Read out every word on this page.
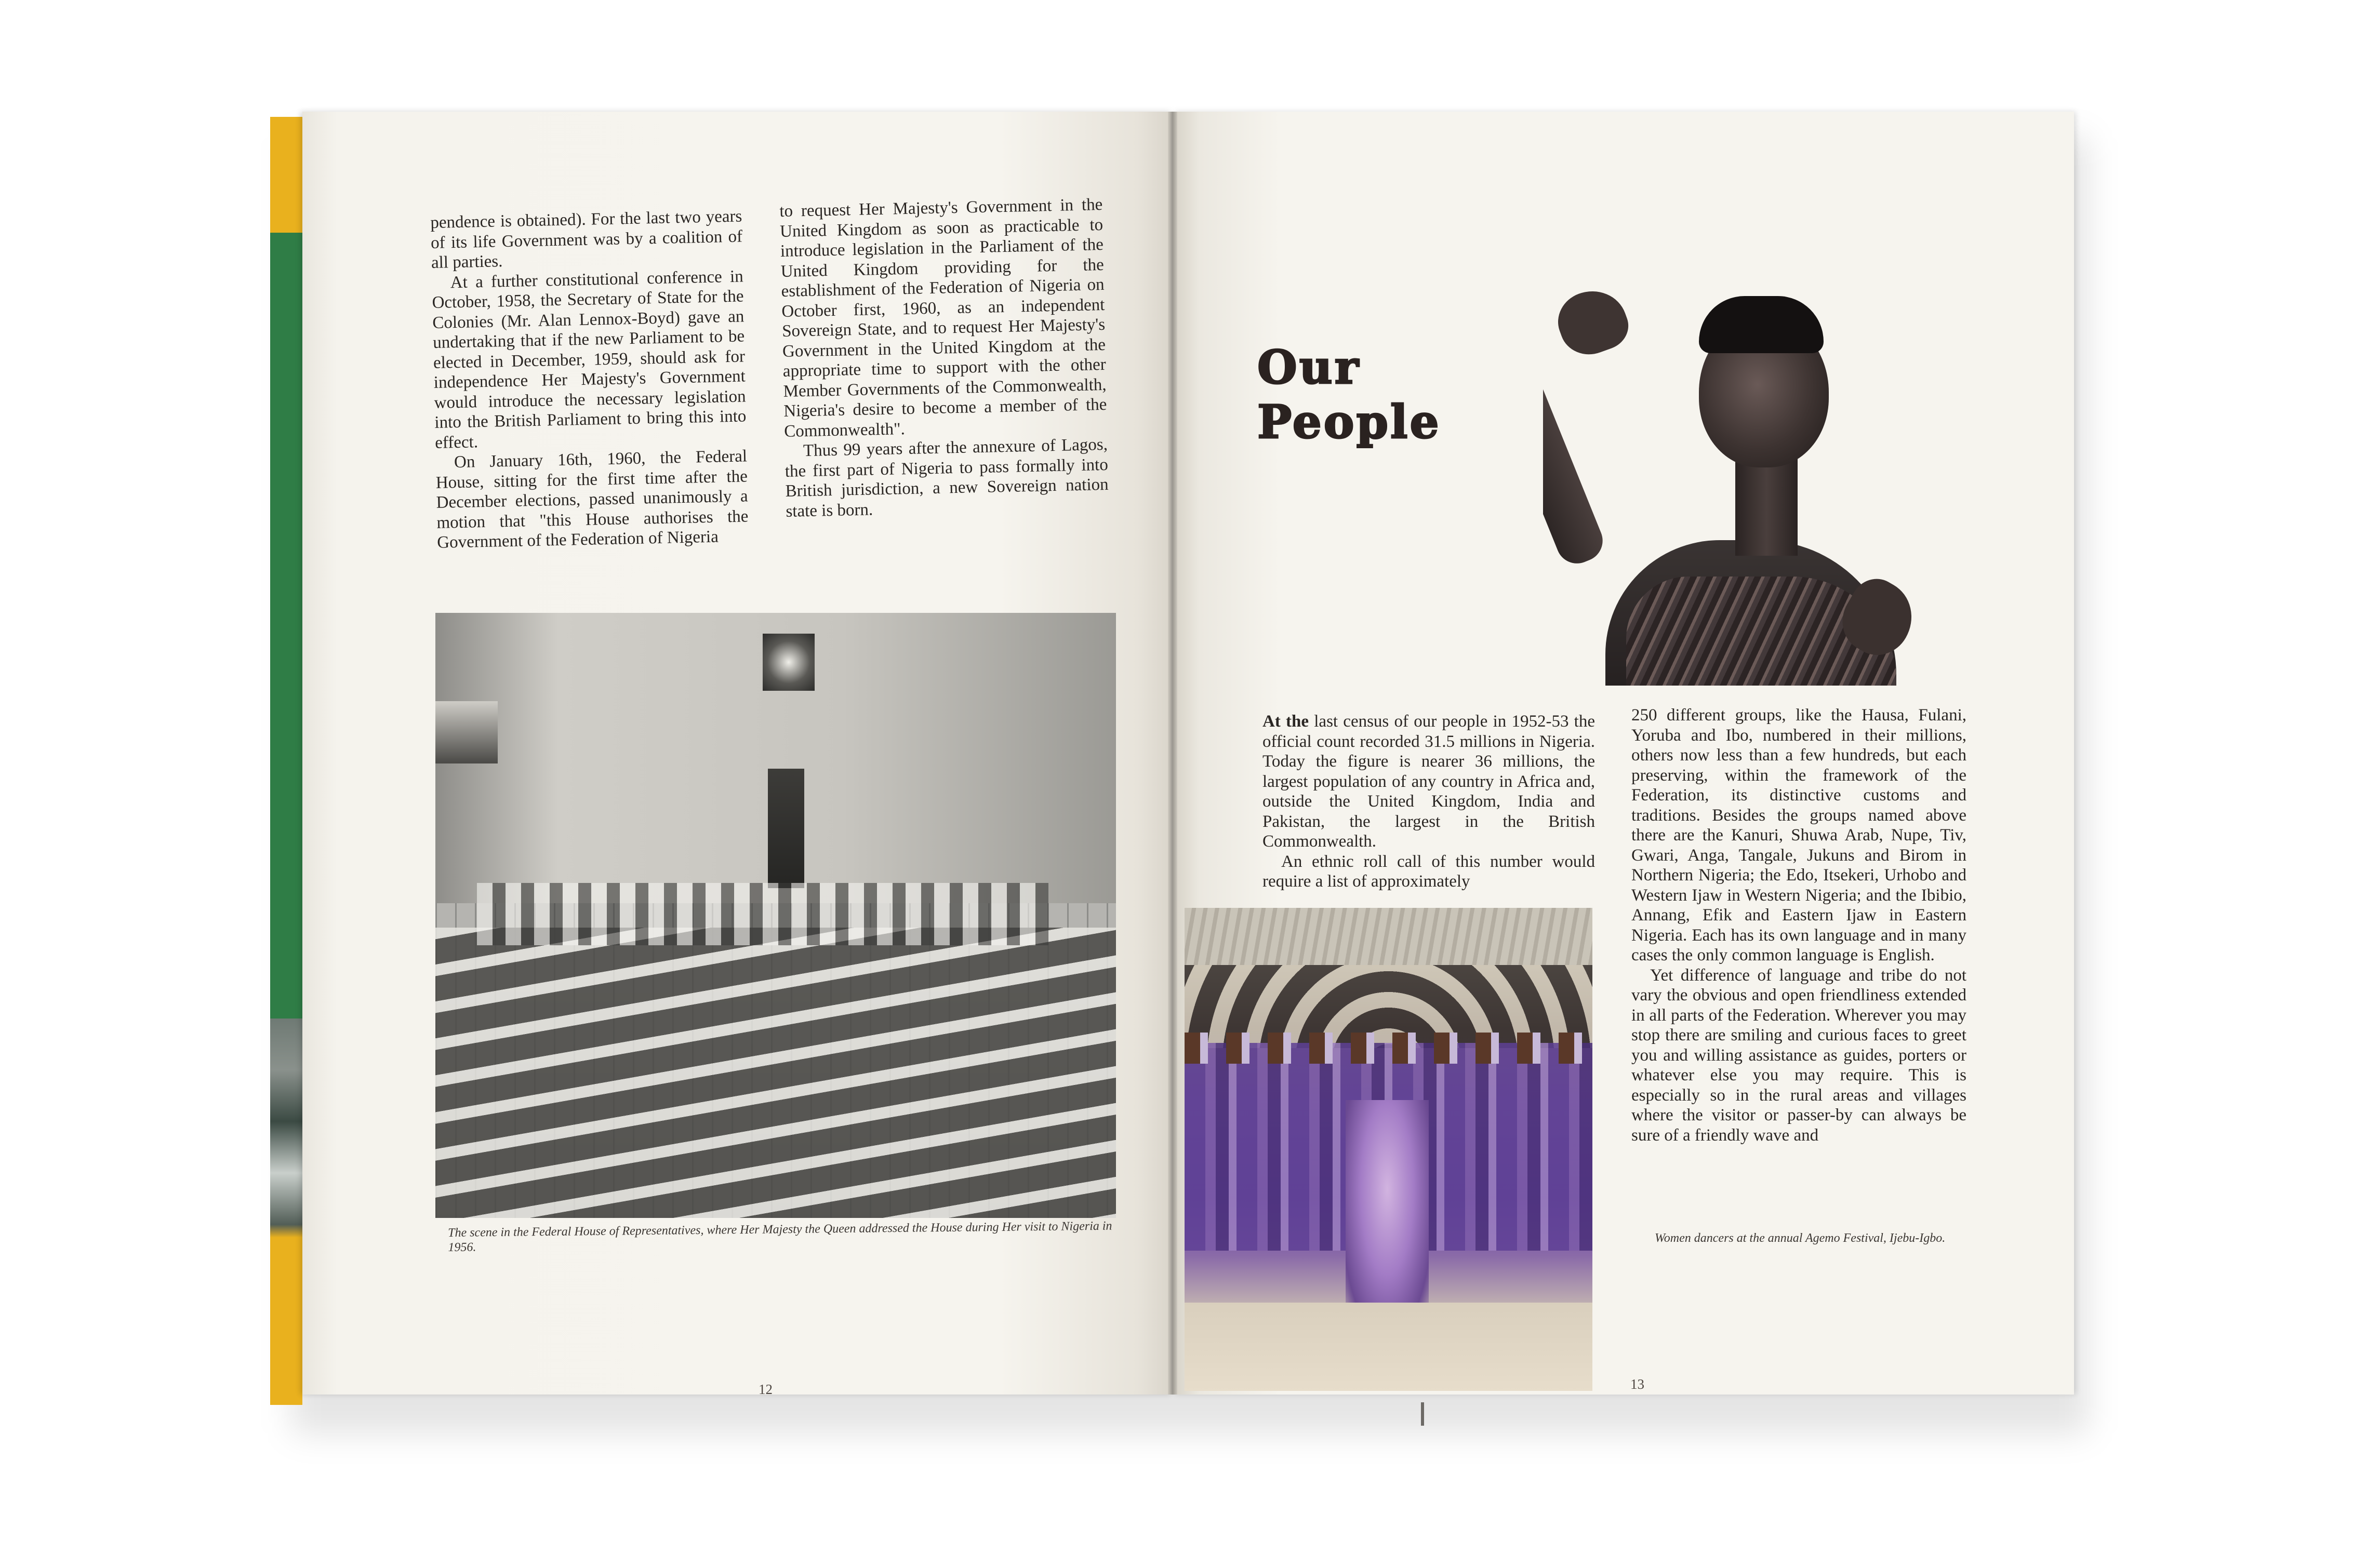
pendence is obtained). For the last two years of its life Government was by a coalition of all parties.

At a further constitutional conference in October, 1958, the Secretary of State for the Colonies (Mr. Alan Lennox-Boyd) gave an undertaking that if the new Parliament to be elected in December, 1959, should ask for independence Her Majesty's Government would introduce the necessary legislation into the British Parliament to bring this into effect.

On January 16th, 1960, the Federal House, sitting for the first time after the December elections, passed unanimously a motion that "this House authorises the Government of the Federation of Nigeria

to request Her Majesty's Government in the United Kingdom as soon as practicable to introduce legislation in the Parliament of the United Kingdom providing for the establishment of the Federation of Nigeria on October first, 1960, as an independent Sovereign State, and to request Her Majesty's Government in the United Kingdom at the appropriate time to support with the other Member Governments of the Commonwealth, Nigeria's desire to become a member of the Commonwealth".

Thus 99 years after the annexure of Lagos, the first part of Nigeria to pass formally into British jurisdiction, a new Sovereign nation state is born.

The scene in the Federal House of Representatives, where Her Majesty the Queen addressed the House during Her visit to Nigeria in 1956.
12
Our
People

At the last census of our people in 1952-53 the official count recorded 31.5 millions in Nigeria. Today the figure is nearer 36 millions, the largest population of any country in Africa and, outside the United Kingdom, India and Pakistan, the largest in the British Commonwealth.

An ethnic roll call of this number would require a list of approximately

250 different groups, like the Hausa, Fulani, Yoruba and Ibo, numbered in their millions, others now less than a few hundreds, but each preserving, within the framework of the Federation, its distinctive customs and traditions. Besides the groups named above there are the Kanuri, Shuwa Arab, Nupe, Tiv, Gwari, Anga, Tangale, Jukuns and Birom in Northern Nigeria; the Edo, Itsekeri, Urhobo and Western Ijaw in Western Nigeria; and the Ibibio, Annang, Efik and Eastern Ijaw in Eastern Nigeria. Each has its own language and in many cases the only common language is English.

Yet difference of language and tribe do not vary the obvious and open friendliness extended in all parts of the Federation. Wherever you may stop there are smiling and curious faces to greet you and willing assistance as guides, porters or whatever else you may require. This is especially so in the rural areas and villages where the visitor or passer-by can always be sure of a friendly wave and

Women dancers at the annual Agemo Festival, Ijebu-Igbo.
13
